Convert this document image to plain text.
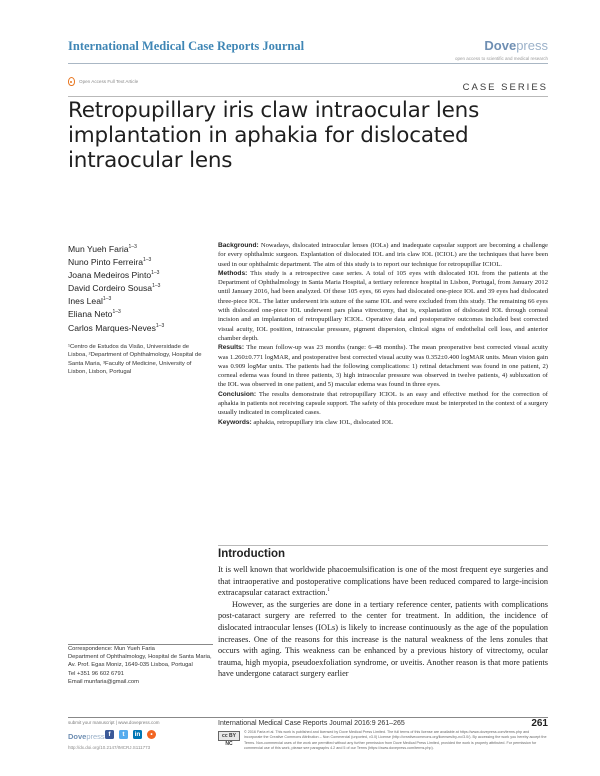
International Medical Case Reports Journal	Dovepress
open access to scientific and medical research
Open Access Full Text Article
CASE SERIES
Retropupillary iris claw intraocular lens implantation in aphakia for dislocated intraocular lens
Mun Yueh Faria$^{1-3}$
Nuno Pinto Ferreira$^{1-3}$
Joana Medeiros Pinto$^{1-3}$
David Cordeiro Sousa$^{1-3}$
Ines Leal$^{1-3}$
Eliana Neto$^{1-3}$
Carlos Marques-Neves$^{1-3}$
¹Centro de Estudos da Visão, Universidade de Lisboa, ²Department of Ophthalmology, Hospital de Santa Maria, ³Faculty of Medicine, University of Lisbon, Lisbon, Portugal

Background: Nowadays, dislocated intraocular lenses (IOLs) and inadequate capsular support are becoming a challenge for every ophthalmic surgeon. Explantation of dislocated IOL and iris claw IOL (ICIOL) are the techniques that have been used in our ophthalmic department. The aim of this study is to report our technique for retropupillar ICIOL.

Methods: This study is a retrospective case series. A total of 105 eyes with dislocated IOL from the patients at the Department of Ophthalmology in Santa Maria Hospital, a tertiary reference hospital in Lisbon, Portugal, from January 2012 until January 2016, had been analyzed. Of these 105 eyes, 66 eyes had dislocated one-piece IOL and 39 eyes had dislocated three-piece IOL. The latter underwent iris suture of the same IOL and were excluded from this study. The remaining 66 eyes with dislocated one-piece IOL underwent pars plana vitrectomy, that is, explantation of dislocated IOL through corneal incision and an implantation of retropupillary ICIOL. Operative data and postoperative outcomes included best corrected visual acuity, IOL position, intraocular pressure, pigment dispersion, clinical signs of endothelial cell loss, and anterior chamber depth.

Results: The mean follow-up was 23 months (range: 6–48 months). The mean preoperative best corrected visual acuity was 1.260±0.771 logMAR, and postoperative best corrected visual acuity was 0.352±0.400 logMAR units. Mean vision gain was 0.909 logMar units. The patients had the following complications: 1) retinal detachment was found in one patient, 2) corneal edema was found in three patients, 3) high intraocular pressure was observed in twelve patients, 4) subluxation of the IOL was observed in one patient, and 5) macular edema was found in three eyes.

Conclusion: The results demonstrate that retropupillary ICIOL is an easy and effective method for the correction of aphakia in patients not receiving capsule support. The safety of this procedure must be interpreted in the context of a surgery usually indicated in complicated cases.

Keywords: aphakia, retropupillary iris claw IOL, dislocated IOL

Introduction

It is well known that worldwide phacoemulsification is one of the most frequent eye surgeries and that intraoperative and postoperative complications have been reduced compared to large-incision extracapsular cataract extraction.$^1$

However, as the surgeries are done in a tertiary reference center, patients with complications post-cataract surgery are referred to the center for treatment. In addition, the incidence of dislocated intraocular lenses (IOLs) is likely to increase continuously as the age of the population increases. One of the reasons for this increase is the natural weakness of the lens zonules that occurs with aging. This weakness can be enhanced by a previous history of vitrectomy, ocular trauma, high myopia, pseudoexfoliation syndrome, or uveitis. Another reason is that more patients have undergone cataract surgery earlier

Correspondence: Mun Yueh Faria
Department of Ophthalmology, Hospital de Santa Maria, Av. Prof. Egas Moniz, 1649-035 Lisboa, Portugal
Tel +351 96 602 6791
Email munfaria@gmail.com
submit your manuscript | www.dovepress.com
Dovepress f	t	in	•
http://dx.doi.org/10.2147/IMCRJ.S111773
International Medical Case Reports Journal 2016:9 261–265	261
cc BY NC
© 2016 Faria et al. This work is published and licensed by Dove Medical Press Limited. The full terms of this license are available at https://www.dovepress.com/terms.php and incorporate the Creative Commons Attribution – Non Commercial (unported, v3.0) License (http://creativecommons.org/licenses/by-nc/3.0/). By accessing the work you hereby accept the Terms. Non-commercial uses of the work are permitted without any further permission from Dove Medical Press Limited, provided the work is properly attributed. For permission for commercial use of this work, please see paragraphs 4.2 and 5 of our Terms (https://www.dovepress.com/terms.php).
